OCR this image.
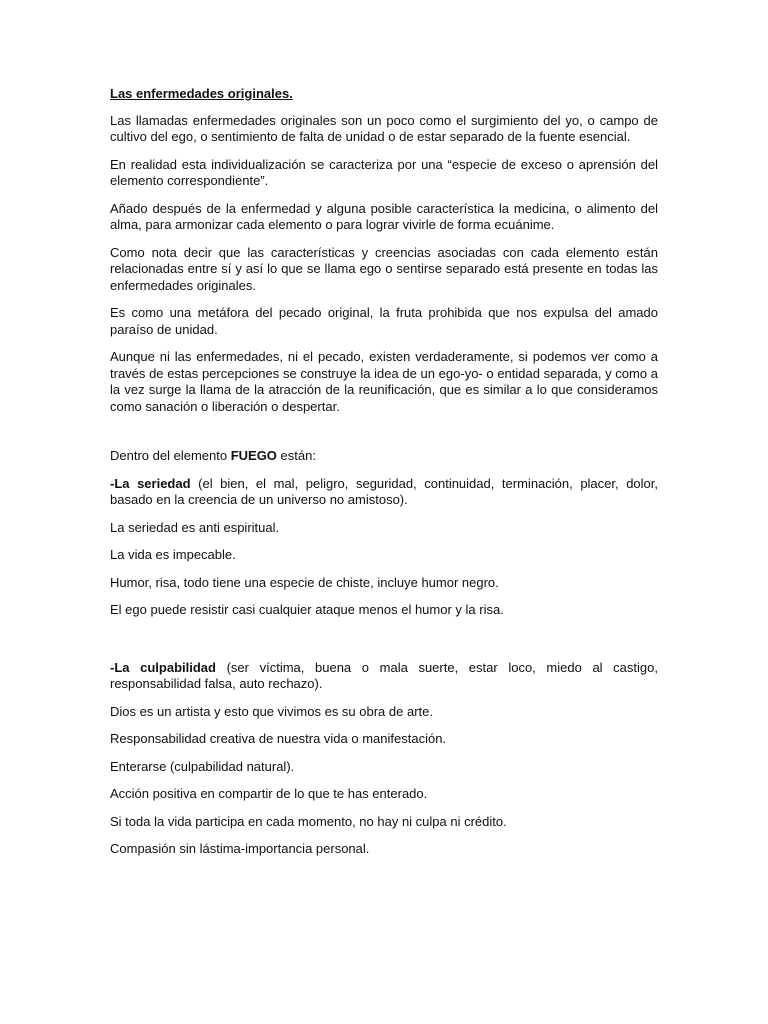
Las enfermedades originales.

Las llamadas enfermedades originales son un poco como el surgimiento del yo, o campo de cultivo del ego, o sentimiento de falta de unidad o de estar separado de la fuente esencial.

En realidad esta individualización se caracteriza por una “especie de exceso o aprensión del elemento correspondiente”.

Añado después de la enfermedad y alguna posible característica la medicina, o alimento del alma, para armonizar cada elemento o para lograr vivirle de forma ecuánime.

Como nota decir que las características y creencias asociadas con cada elemento están relacionadas entre sí y así lo que se llama ego o sentirse separado está presente en todas las enfermedades originales.

Es como una metáfora del pecado original, la fruta prohibida que nos expulsa del amado paraíso de unidad.

Aunque ni las enfermedades, ni el pecado, existen verdaderamente, si podemos ver como a través de estas percepciones se construye la idea de un ego-yo- o entidad separada, y como a la vez surge la llama de la atracción de la reunificación, que es similar a lo que consideramos como sanación o liberación o despertar.

Dentro del elemento FUEGO están:

-La seriedad (el bien, el mal, peligro, seguridad, continuidad, terminación, placer, dolor, basado en la creencia de un universo no amistoso).

La seriedad es anti espiritual.

La vida es impecable.

Humor, risa, todo tiene una especie de chiste, incluye humor negro.

El ego puede resistir casi cualquier ataque menos el humor y la risa.

-La culpabilidad (ser víctima, buena o mala suerte, estar loco, miedo al castigo, responsabilidad falsa, auto rechazo).

Dios es un artista y esto que vivimos es su obra de arte.

Responsabilidad creativa de nuestra vida o manifestación.

Enterarse (culpabilidad natural).

Acción positiva en compartir de lo que te has enterado.

Si toda la vida participa en cada momento, no hay ni culpa ni crédito.

Compasión sin lástima-importancia personal.
